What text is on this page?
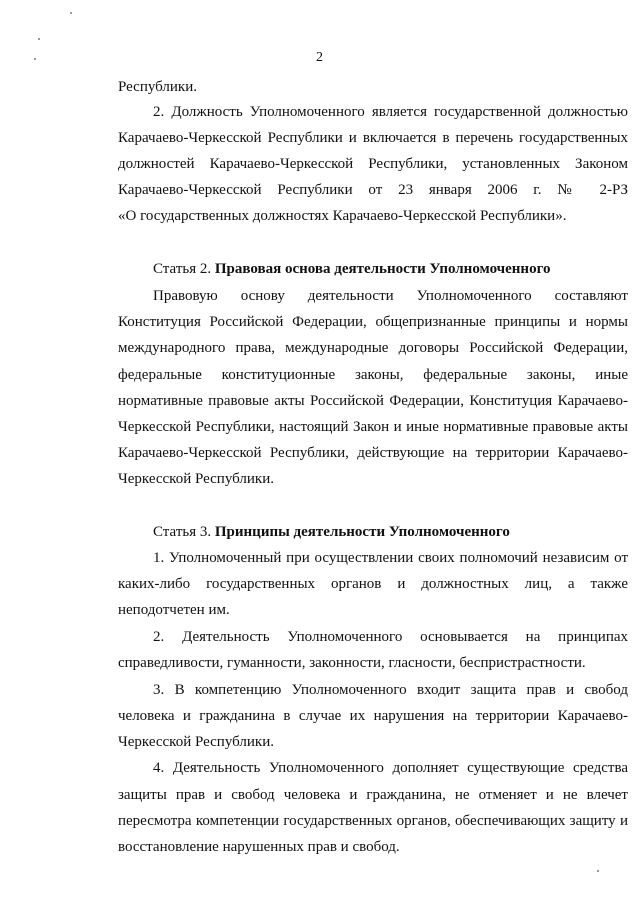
2
Республики.
2. Должность Уполномоченного является государственной должностью
Карачаево-Черкесской Республики и включается в перечень государственных
должностей Карачаево-Черкесской Республики, установленных Законом
Карачаево-Черкесской Республики от 23 января 2006 г. № 2-РЗ
«О государственных должностях Карачаево-Черкесской Республики».
Статья 2. Правовая основа деятельности Уполномоченного
Правовую основу деятельности Уполномоченного составляют
Конституция Российской Федерации, общепризнанные принципы и нормы
международного права, международные договоры Российской Федерации,
федеральные конституционные законы, федеральные законы, иные
нормативные правовые акты Российской Федерации, Конституция Карачаево-
Черкесской Республики, настоящий Закон и иные нормативные правовые акты
Карачаево-Черкесской Республики, действующие на территории Карачаево-
Черкесской Республики.
Статья 3. Принципы деятельности Уполномоченного
1. Уполномоченный при осуществлении своих полномочий независим от
каких-либо государственных органов и должностных лиц, а также
неподотчетен им.
2. Деятельность Уполномоченного основывается на принципах
справедливости, гуманности, законности, гласности, беспристрастности.
3. В компетенцию Уполномоченного входит защита прав и свобод
человека и гражданина в случае их нарушения на территории Карачаево-
Черкесской Республики.
4. Деятельность Уполномоченного дополняет существующие средства
защиты прав и свобод человека и гражданина, не отменяет и не влечет
пересмотра компетенции государственных органов, обеспечивающих защиту и
восстановление нарушенных прав и свобод.
